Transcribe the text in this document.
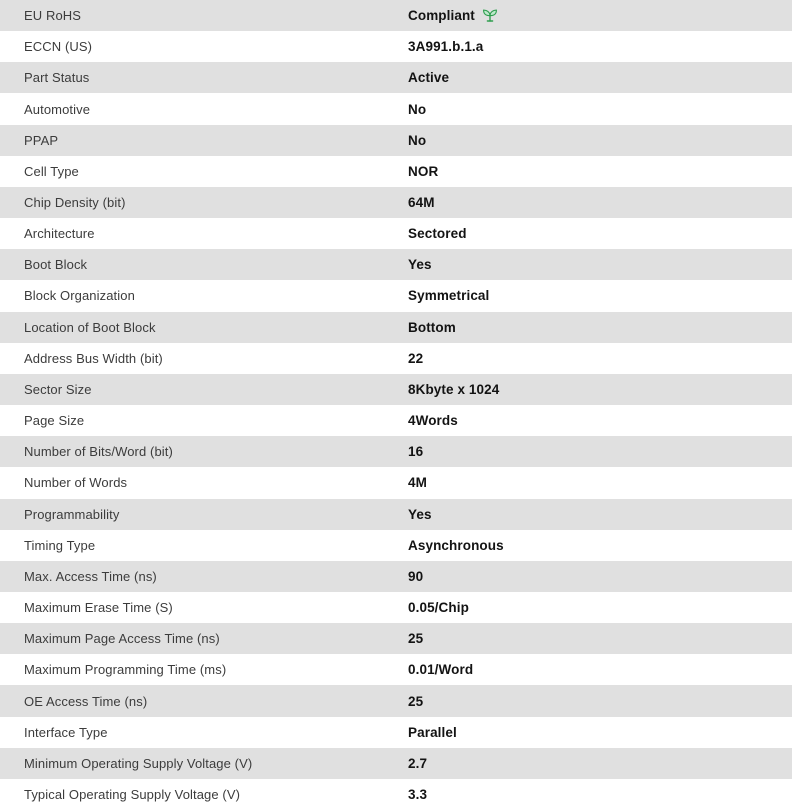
EU RoHS	Compliant
ECCN (US)	3A991.b.1.a
Part Status	Active
Automotive	No
PPAP	No
Cell Type	NOR
Chip Density (bit)	64M
Architecture	Sectored
Boot Block	Yes
Block Organization	Symmetrical
Location of Boot Block	Bottom
Address Bus Width (bit)	22
Sector Size	8Kbyte x 1024
Page Size	4Words
Number of Bits/Word (bit)	16
Number of Words	4M
Programmability	Yes
Timing Type	Asynchronous
Max. Access Time (ns)	90
Maximum Erase Time (S)	0.05/Chip
Maximum Page Access Time (ns)	25
Maximum Programming Time (ms)	0.01/Word
OE Access Time (ns)	25
Interface Type	Parallel
Minimum Operating Supply Voltage (V)	2.7
Typical Operating Supply Voltage (V)	3.3
